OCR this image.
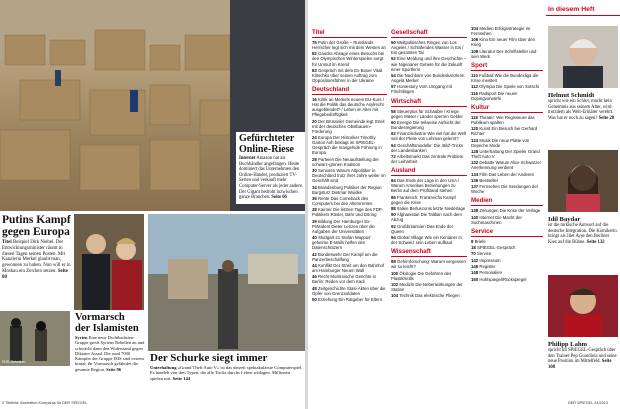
Gefürchteter
Online-Riese
Internet Amazon hat als Buchhändler angefangen. Heute dominiert das Unternehmen den Online-Handel, produziert TV-Serien und verkauft mehr Computer-Server als jeder andere. Der Gigant bedroht inzwischen ganze Branchen. Seite 66
Putins Kampf
gegen Europa
Titel Beispiel Dirk Niebel. Der Entwicklungsminister räumt in diesen Tagen seinen Posten. Mit Kanzlerin Merkel glaubt man, gewonnen zu haben. Nun will er in Moskau ein Zeichen setzen. Seite 80
ISIS-Rebellen
Vormarsch
der Islamisten
Syrien Eine neue Dschihadisten-Gruppe greift Syriens Rebellen an und schwächt dann den Widerstand gegen Diktator Assad. Die rund 7000 Kämpfer der Gruppe ISIS sind extrem brutal, ihr Vormarsch gefährdet die gesamte Region. Seite 96
Der Schurke siegt immer
Unterhaltung »Grand Theft Auto V« ist das derzeit spektakulärste Computerspiel. Es handelt von drei Typen, die alle Tricks durchs Leben schlagen. Millionen spielen mit. Seite 144
2 Titelbild: Illustration Kompania für DER SPIEGEL
Titel
76 Putin der Große – Russlands Herrscher legt sich mit dem Westen an
82 Gaucks Absage eines Besuchs bei den Olympischen Winterspielen sorgt für Unmut im Kreml
83 Gespräch mit dem Ex-Boxer Vitali Klitschko über seinen Auftrag zum Oppositionsführer in der Ukraine
Deutschland
16 Kritik an Merkels neuem EU-Kurs / Hat die Politik das deutsche Asylrecht ausgeblendet? / Leben im Alter mit Pflegebedürftigkeit
20 Der Brüsseler Gemeinde legt Streit mit der deutschen Obstbauern-Förderung
24 Europa Der Historiker Timothy Garton Ash beklagt im SPIEGEL-Gespräch die mangelnde Führung in Europa
28 Parteien Die Neuaufstellung der schwarz-grünen Koalition
30 Senioren Warum Altpolitiker in Deutschland trotz ihrer Jahre weiter im Geschäft sind
34 Brandenburg Politiker der Region Burgsturz Dietmar Woidke
36 Rente Das Comeback des Computers bei den Altersrenten
38 Kairoer Die letzten Tage des FDP-Politikers Rösler, Bahr und Döring
39 Bildung Der Hamburger Ex-Präsident Dieter Lenzen über die Aufgaben der Universitäten
40 Stuttgart 21 Stefan Mappus' geheime E-Mails helfen den Datenschützern
42 Bundeswehr Der Kampf um die Panzerbeschaffung
44 Konflikt Der Streit um den Bahnhof am Hamburger Neuen Wall
46 Recht Muslimische Gerichte in Berlin: Reden vor dem Kadi
48 Zeitgeschichte Stasi-Akten über die Opfer von Grenzsoldaten
50 Erziehung Ein Ratgeber für Eltern
Gesellschaft
50 Weltpolitisches Ringen von Los Angeles / Schlafendes Wasser in Eis / Ein gesamtes Tal
52 Eine Meldung und ihre Geschichte – wie Nigerianer Gebete für die Zukunft einer Sportlerin
54 Die Nachbarn von Bundeskanzlerin Angela Merkel
57 Homestory Vom Umgang mit Flüchtlingen
Wirtschaft
58 Steuerplus für Schäuble / Kriege gegen Mieter / Länder sperren Gelder
60 Energie Die teilweise Aufsicht der Bundesregierung
62 Finanzindustrie Wie viel hat die Welt seit der Pleite von Lehman gelernt?
64 Geschäftsmodelle: Die ‚Bild'-Tricks der Landesbanken
72 Arbeitsmarkt Das zentrale Problem der Leiharbeit
Ausland
84 Das Ende der Lüge in den USA / Warum Amerikas Beziehungen zu Berlin auf dem Prüfstand stehen
86 Frankreich: Frankreichs Kampf gegen die Krise
88 Italien Berlusconis letzte Niederlage
90 Afghanistan Die Taliban nach dem Abzug
92 Großbritannien Das Ende der Queen
94 Global Village Wie ein Kenianer in der Schweiz sein Leben aufbaut
Wissenschaft
98 Gehirnforschung: Warum vergessen wir so leicht?
100 Ökologie Die Gefahren des Plastikmülls
102 Medizin Die Nebenwirkungen der Statine
104 Technik Das elektrische Fliegen
104 Medien Erfolgsstrategie im Fernsehen
106 Kino Ein neuer Film über den Krieg
108 Literatur Der Schriftsteller und sein Werk
Sport
110 Fußball Wie die Bundesliga die Krise meistert
112 Olympia Die Spiele von Sotschi
116 Radsport Die neuen Dopingvorwürfe
Kultur
118 Theater: Wie Regisseure das Publikum spalten
120 Kunst Ein Besuch bei Gerhard Richter
124 Musik Die neue Platte von Depeche Mode
128 Unterhaltung Der Spieler Grand Theft Auto V
132 Debatte Warum Alice Schwarzer Anerkennung verdient
134 Film Das Leben der Anderen
136 Bestseller
137 Fernsehen Die Sendungen der Woche
Medien
138 Zeitungen Die Krise der Verlage
140 Internet Die Macht der Suchmaschinen
Service
8 Briefe
18 SPIEGEL-Gespräch
70 Service
142 Impressum
146 Register
148 Personalien
150 Hohlspiegel/Rückspiegel
In diesem Heft
Helmut Schmidt
spricht wie ein Schlot, macht kein Geheimnis aus seinem Alter, wird trotzdem als Welt-Erklärer verehrt. Was hat er noch zu sagen? Seite 28
Idil Baydar
ist die türkische Antwort auf die deutsche Integration. Die Komikerin bringt als Jilet Ayşe den Berliner Kiez auf die Bühne. Seite 132
Philipp Lahm
spricht im SPIEGEL-Gespräch über den Trainer Pep Guardiola und seine neue Position im Mittelfeld. Seite 108
DER SPIEGEL 44/2013
